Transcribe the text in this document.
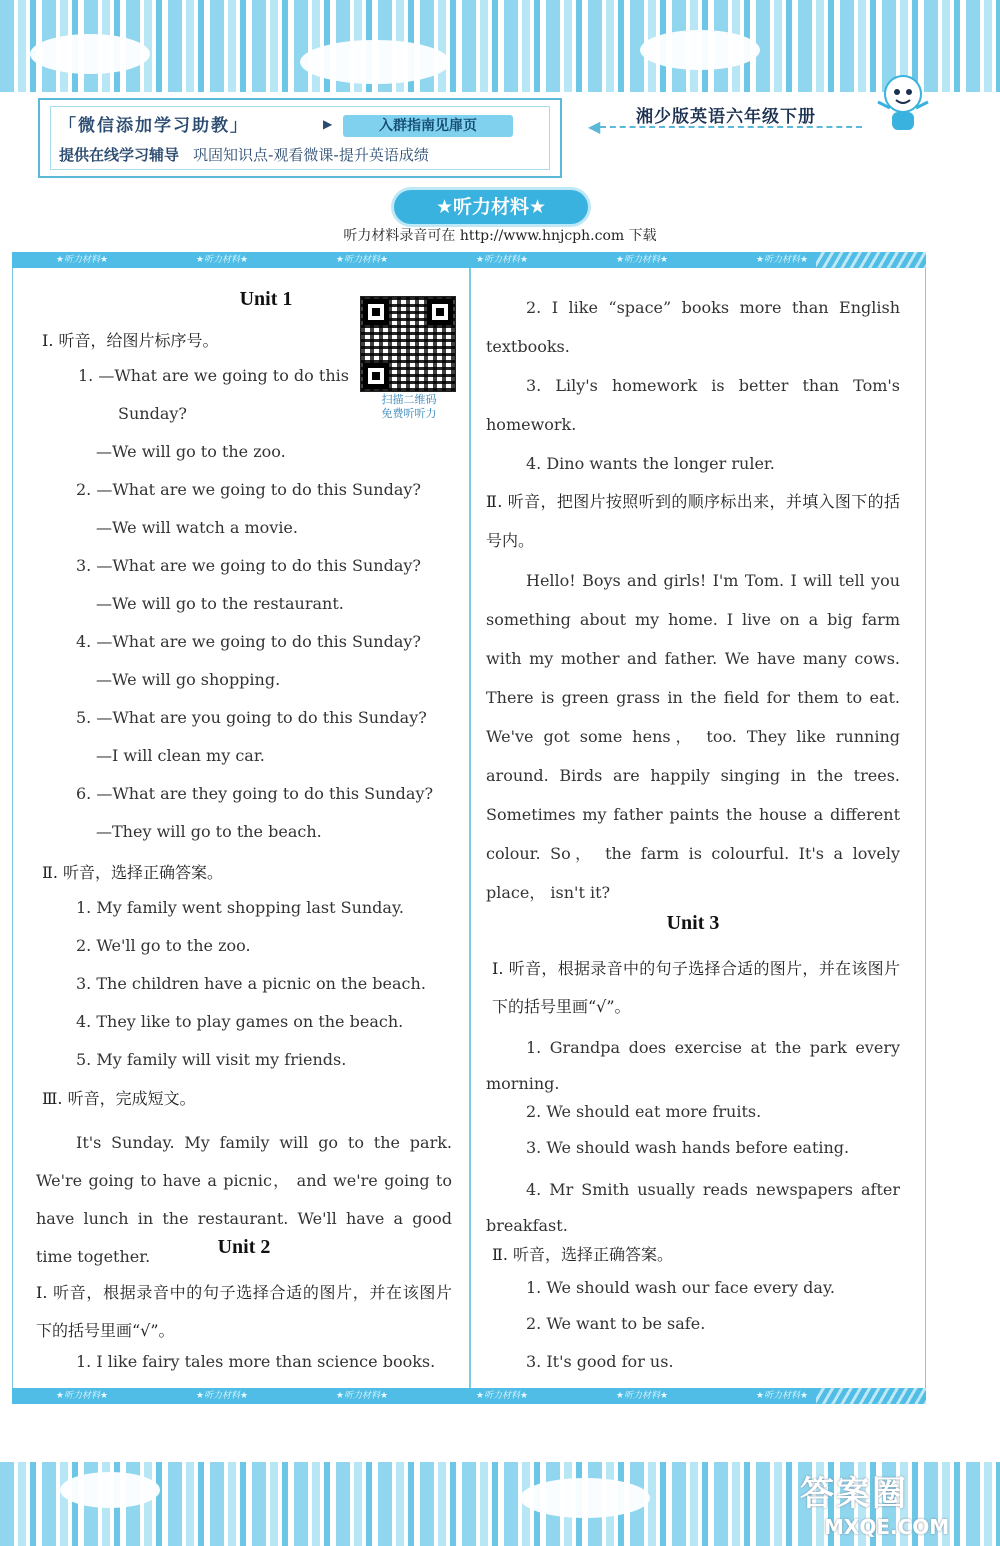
「微信添加学习助教」	▶	入群指南见扉页
提供在线学习辅导 巩固知识点-观看微课-提升英语成绩
◀ 湘少版英语六年级下册
★听力材料★
听力材料录音可在 http://www.hnjcph.com 下载
★听力材料★	★听力材料★	★听力材料★	★听力材料★	★听力材料★	★听力材料★
★听力材料★	★听力材料★	★听力材料★	★听力材料★	★听力材料★	★听力材料★
扫描二维码
免费听听力
Unit 1
Ⅰ. 听音，给图片标序号。
1. —What are we going to do this
Sunday?
—We will go to the zoo.
2. —What are we going to do this Sunday?
—We will watch a movie.
3. —What are we going to do this Sunday?
—We will go to the restaurant.
4. —What are we going to do this Sunday?
—We will go shopping.
5. —What are you going to do this Sunday?
—I will clean my car.
6. —What are they going to do this Sunday?
—They will go to the beach.
Ⅱ. 听音，选择正确答案。
1. My family went shopping last Sunday.
2. We'll go to the zoo.
3. The children have a picnic on the beach.
4. They like to play games on the beach.
5. My family will visit my friends.
Ⅲ. 听音，完成短文。
It's Sunday. My family will go to the park. We're going to have a picnic， and we're going to have lunch in the restaurant. We'll have a good time together.	Unit 2
I. 听音，根据录音中的句子选择合适的图片，并在该图片下的括号里画“√”。
1. I like fairy tales more than science books.
2. I like “space” books more than English textbooks.
3. Lily's homework is better than Tom's homework.
4. Dino wants the longer ruler.
Ⅱ. 听音，把图片按照听到的顺序标出来，并填入图下的括号内。
Hello! Boys and girls! I'm Tom. I will tell you something about my home. I live on a big farm with my mother and father. We have many cows. There is green grass in the field for them to eat. We've got some hens， too. They like running around. Birds are happily singing in the trees. Sometimes my father paints the house a different colour. So， the farm is colourful. It's a lovely place， isn't it?
Unit 3
I. 听音，根据录音中的句子选择合适的图片，并在该图片下的括号里画“√”。
1. Grandpa does exercise at the park every morning.
2. We should eat more fruits.
3. We should wash hands before eating.
4. Mr Smith usually reads newspapers after breakfast.
Ⅱ. 听音，选择正确答案。
1. We should wash our face every day.
2. We want to be safe.
3. It's good for us.
答案圈
MXQE.COM
